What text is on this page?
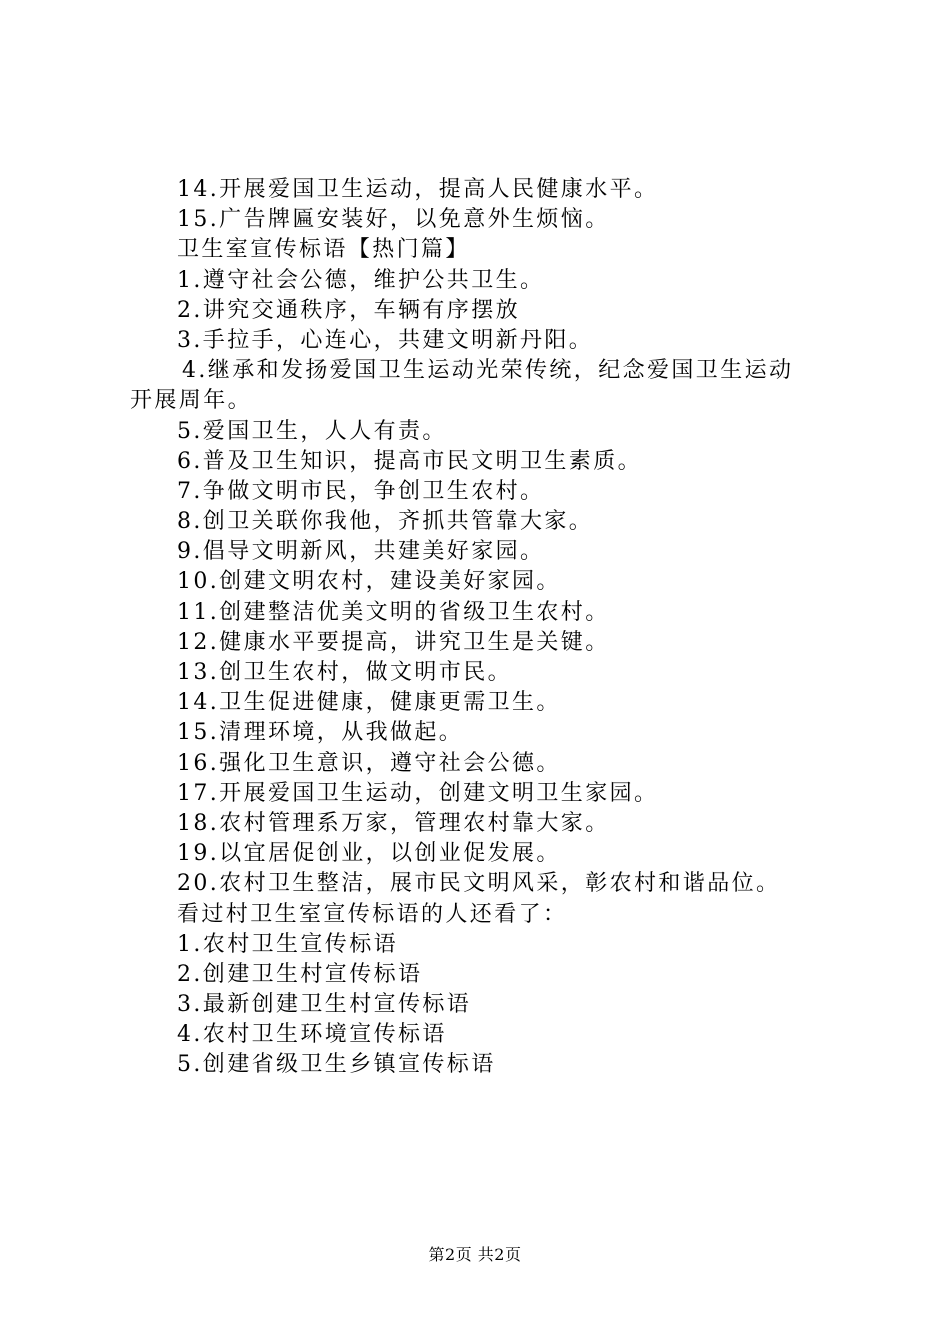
14.开展爱国卫生运动，提高人民健康水平。
15.广告牌匾安装好，以免意外生烦恼。
卫生室宣传标语【热门篇】
1.遵守社会公德，维护公共卫生。
2.讲究交通秩序，车辆有序摆放
3.手拉手，心连心，共建文明新丹阳。
4.继承和发扬爱国卫生运动光荣传统，纪念爱国卫生运动
开展周年。
5.爱国卫生，人人有责。
6.普及卫生知识，提高市民文明卫生素质。
7.争做文明市民，争创卫生农村。
8.创卫关联你我他，齐抓共管靠大家。
9.倡导文明新风，共建美好家园。
10.创建文明农村，建设美好家园。
11.创建整洁优美文明的省级卫生农村。
12.健康水平要提高，讲究卫生是关键。
13.创卫生农村，做文明市民。
14.卫生促进健康，健康更需卫生。
15.清理环境，从我做起。
16.强化卫生意识，遵守社会公德。
17.开展爱国卫生运动，创建文明卫生家园。
18.农村管理系万家，管理农村靠大家。
19.以宜居促创业，以创业促发展。
20.农村卫生整洁，展市民文明风采，彰农村和谐品位。
看过村卫生室宣传标语的人还看了：
1.农村卫生宣传标语
2.创建卫生村宣传标语
3.最新创建卫生村宣传标语
4.农村卫生环境宣传标语
5.创建省级卫生乡镇宣传标语
第2页 共2页
